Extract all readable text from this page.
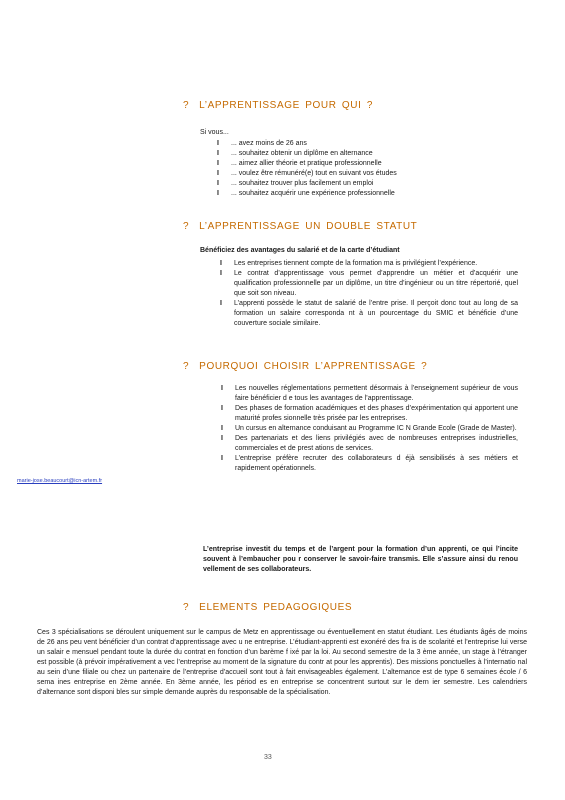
? L’APPRENTISSAGE POUR QUI ?
Si vous...
I ... avez moins de 26 ans
I ... souhaitez obtenir un diplôme en alternance
I ... aimez allier théorie et pratique professionnelle
I ... voulez être rémunéré(e) tout en suivant vos études
I ... souhaitez trouver plus facilement un emploi
I ... souhaitez acquérir une expérience professionnelle
? L’APPRENTISSAGE UN DOUBLE STATUT
Bénéficiez des avantages du salarié et de la carte d’étudiant
I Les entreprises tiennent compte de la formation ma is privilégient l’expérience.
I Le contrat d’apprentissage vous permet d’apprendre un métier et d’acquérir une qualification professionnelle par un diplôme, un titre d’ingénieur ou un titre répertorié, quel que soit son niveau.
I L’apprenti possède le statut de salarié de l’entre prise. Il perçoit donc tout au long de sa formation un salaire corresponda nt à un pourcentage du SMIC et bénéficie d’une couverture sociale similaire.
? POURQUOI CHOISIR L’APPRENTISSAGE ?
I Les nouvelles réglementations permettent désormais à l’enseignement supérieur de vous faire bénéficier d e tous les avantages de l’apprentissage.
I Des phases de formation académiques et des phases d’expérimentation qui apportent une maturité profes sionnelle très prisée par les entreprises.
I Un cursus en alternance conduisant au Programme IC N Grande Ecole (Grade de Master).
I Des partenariats et des liens privilégiés avec de nombreuses entreprises industrielles, commerciales et de prest ations de services.
I L’entreprise préfère recruter des collaborateurs d éjà sensibilisés à ses métiers et rapidement opérationnels.
L’entreprise investit du temps et de l’argent pour la formation d’un apprenti, ce qui l’incite souvent à l’embaucher pou r conserver le savoir-faire transmis. Elle s’assure ainsi du renou vellement de ses collaborateurs.
marie-jose.beaucourt@icn-artem.fr
? ELEMENTS PEDAGOGIQUES
Ces 3 spécialisations se déroulent uniquement sur le campus de Metz en apprentissage ou éventuellement en statut étudiant. Les étudiants âgés de moins de 26 ans peu vent bénéficier d’un contrat d’apprentissage avec u ne entreprise. L’étudiant-apprenti est exonéré des fra is de scolarité et l’entreprise lui verse un salair e mensuel pendant toute la durée du contrat en fonction d’un barème f ixé par la loi. Au second semestre de la 3 ème année, un stage à l’étranger est possible (à prévoir impérativement a vec l’entreprise au moment de la signature du contr at pour les apprentis). Des missions ponctuelles à l’internatio nal au sein d’une filiale ou chez un partenaire de l’entreprise d’accueil sont tout à fait envisageables également. L’alternance est de type 6 semaines école / 6 sema ines entreprise en 2ème année. En 3ème année, les périod es en entreprise se concentrent surtout sur le dern ier semestre. Les calendriers d’alternance sont disponi bles sur simple demande auprès du responsable de la spécialisation.
33
